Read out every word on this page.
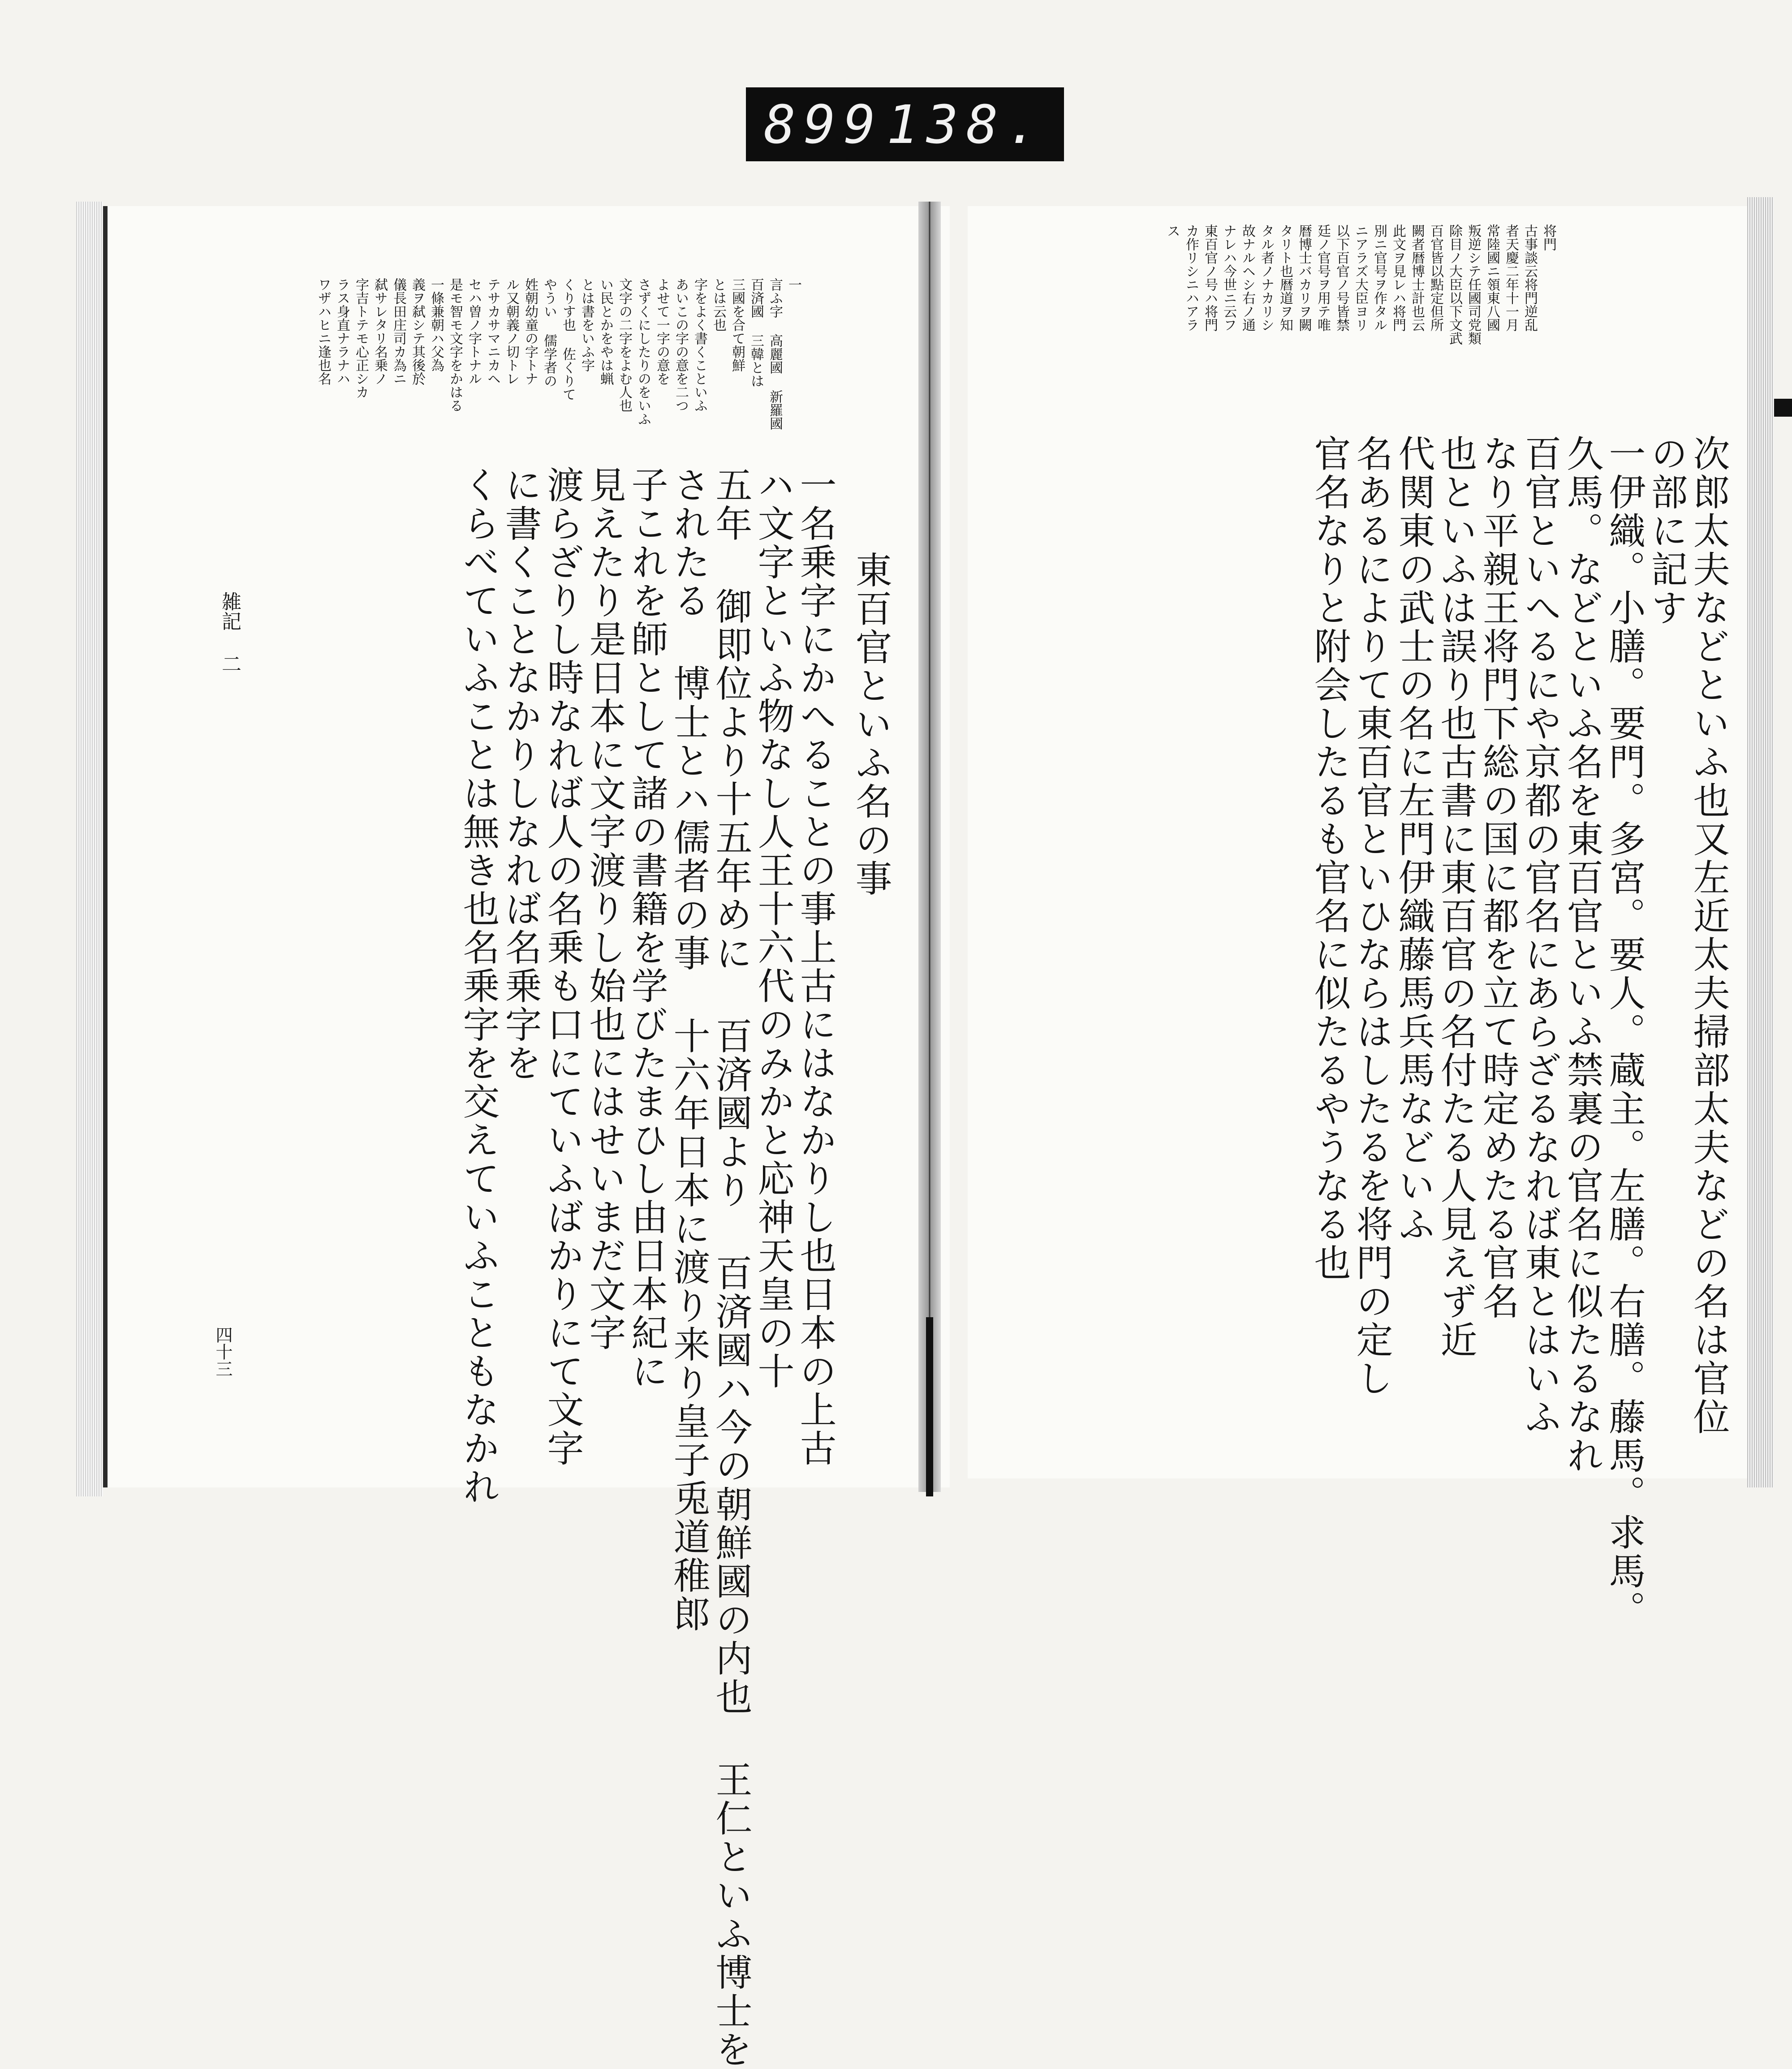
899 138.
一
言ふ字 高麗國 新羅國
百済國 三韓とは
三國を合て朝鮮
とは云也
字をよく書くこといふ
あいこの字の意を二つ
よせて一字の意を
さずくにしたりのをいふ
文字の二字をよむ人也
い民とかをやは蝋
とは書をいふ字
くりす也 佐くりて
やうい 儒学者の
姓朝幼童の字トナ
ル又朝義ノ切トレ
テサカサマニカヘ
セハ曽ノ字トナル
是モ智モ文字をかはる
一條兼朝ハ父為
義ヲ弑シテ其後於
儀長田庄司カ為ニ
弑サレタリ名乗ノ
字吉トテモ心正シカ
ラス身直ナラナハ
ワザハヒニ逢也名
東百官といふ名の事
一名乗字にかへることの事上古にはなかりし也日本の上古
ハ文字といふ物なし人王十六代のみかと応神天皇の十
五年 御即位より十五年めに 百済國より 百済國ハ今の朝鮮國の内也 王仁といふ博士を
されたる 博士とハ儒者の事 十六年日本に渡り来り皇子兎道稚郎
子これを師として諸の書籍を学びたまひし由日本紀に
見えたり是日本に文字渡りし始也にはせいまだ文字
渡らざりし時なれば人の名乗も口にていふばかりにて文字
に書くことなかりしなれば名乗字を
くらべていふことは無き也名乗字を交えていふこともなかれ
雑記 二
四十三
将門
古事談云将門逆乱
者天慶二年十一月
常陸國ニ領東八國
叛逆シテ任國司党類
除目ノ大臣以下文武
百官皆以點定但所
闕者暦博士計也云
此文ヲ見レハ将門
別ニ官号ヲ作タル
ニアラズ大臣ヨリ
以下百官ノ号皆禁
廷ノ官号ヲ用テ唯
暦博士バカリヲ闕
タリト也暦道ヲ知
タル者ノナカリシ
故ナルヘシ右ノ通
ナレハ今世ニ云フ
東百官ノ号ハ将門
カ作リシニハアラ
ス
次郎太夫などといふ也又左近太夫掃部太夫などの名は官位
の部に記す
一伊織。小膳。要門。多宮。要人。蔵主。左膳。右膳。藤馬。求馬。
久馬。などといふ名を東百官といふ禁裏の官名に似たるなれ
百官といへるにや京都の官名にあらざるなれば東とはいふ
なり平親王将門下総の国に都を立て時定めたる官名
也といふは誤り也古書に東百官の名付たる人見えず近
代関東の武士の名に左門伊織藤馬兵馬などいふ
名あるによりて東百官といひならはしたるを将門の定し
官名なりと附会したるも官名に似たるやうなる也
